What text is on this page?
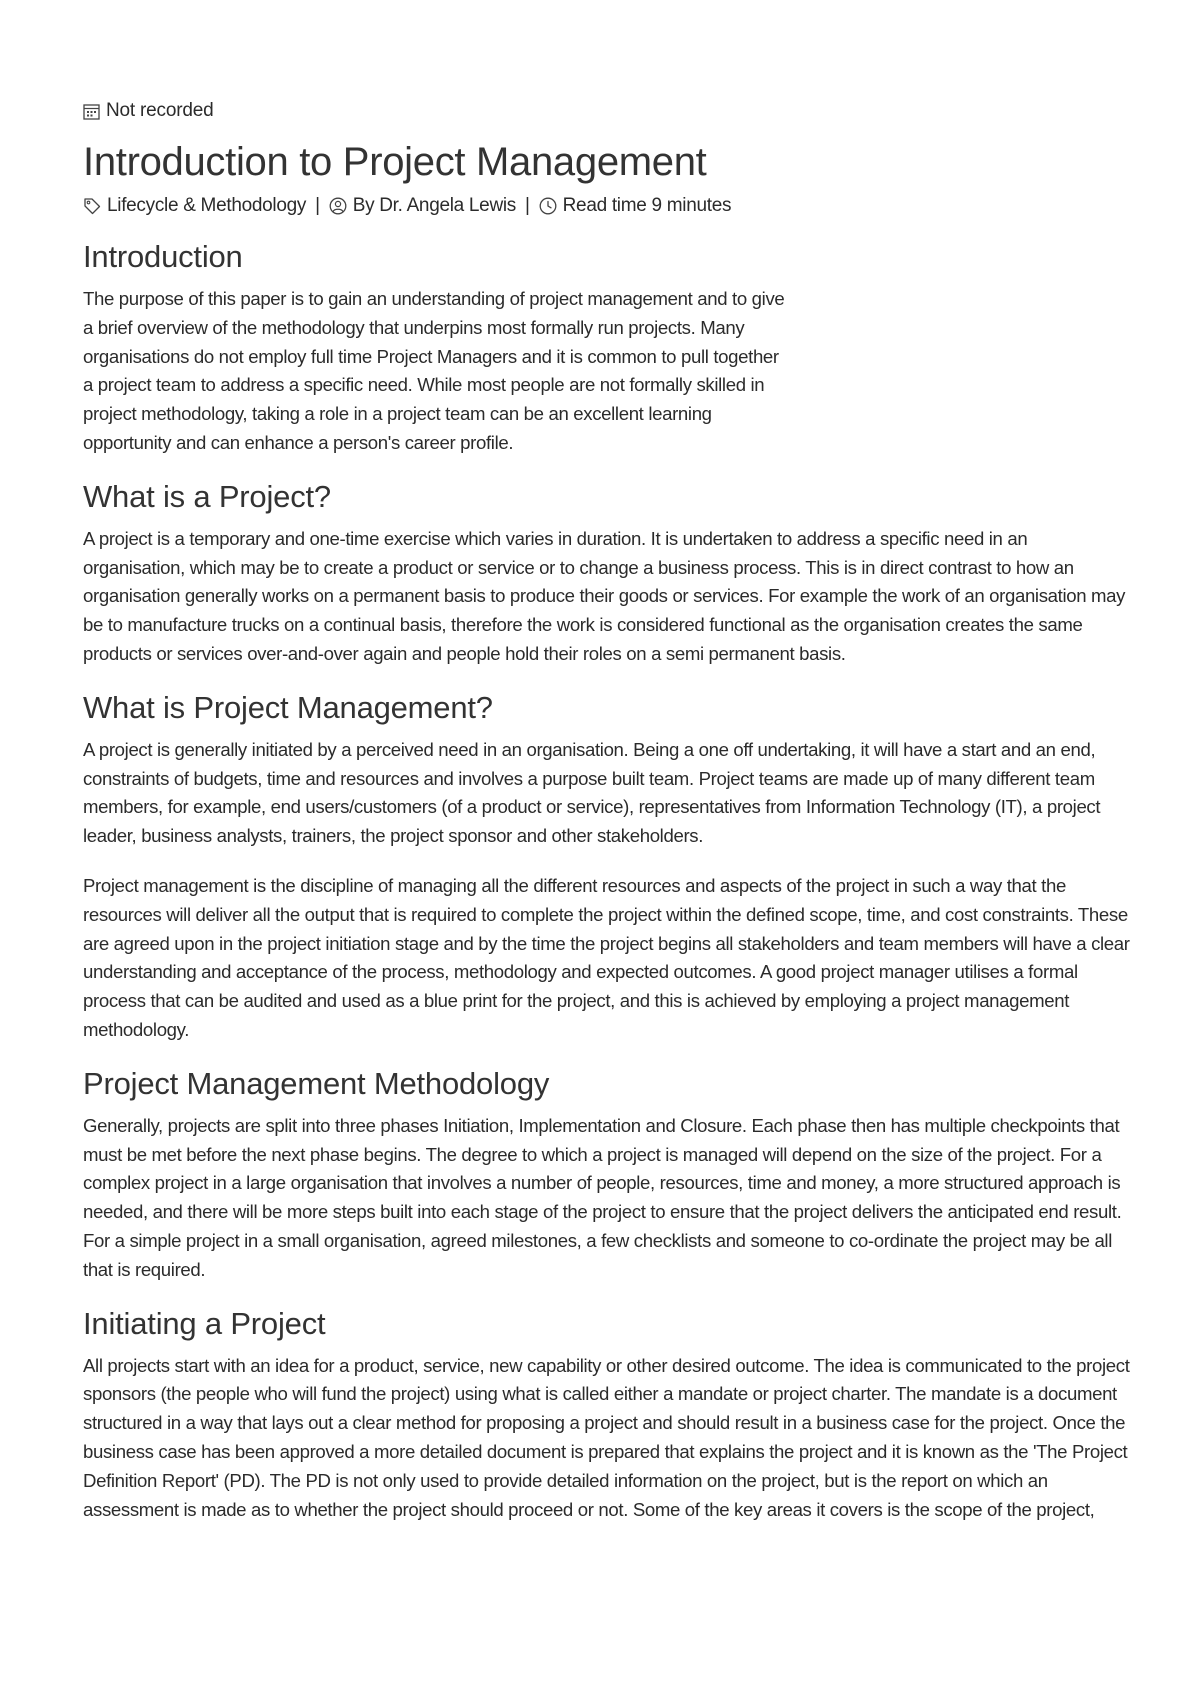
Not recorded
Introduction to Project Management
Lifecycle & Methodology | By Dr. Angela Lewis | Read time 9 minutes
Introduction

The purpose of this paper is to gain an understanding of project management and to give a brief overview of the methodology that underpins most formally run projects. Many organisations do not employ full time Project Managers and it is common to pull together a project team to address a specific need. While most people are not formally skilled in project methodology, taking a role in a project team can be an excellent learning opportunity and can enhance a person's career profile.

What is a Project?

A project is a temporary and one-time exercise which varies in duration. It is undertaken to address a specific need in an organisation, which may be to create a product or service or to change a business process. This is in direct contrast to how an organisation generally works on a permanent basis to produce their goods or services. For example the work of an organisation may be to manufacture trucks on a continual basis, therefore the work is considered functional as the organisation creates the same products or services over-and-over again and people hold their roles on a semi permanent basis.

What is Project Management?

A project is generally initiated by a perceived need in an organisation. Being a one off undertaking, it will have a start and an end, constraints of budgets, time and resources and involves a purpose built team. Project teams are made up of many different team members, for example, end users/customers (of a product or service), representatives from Information Technology (IT), a project leader, business analysts, trainers, the project sponsor and other stakeholders.

Project management is the discipline of managing all the different resources and aspects of the project in such a way that the resources will deliver all the output that is required to complete the project within the defined scope, time, and cost constraints. These are agreed upon in the project initiation stage and by the time the project begins all stakeholders and team members will have a clear understanding and acceptance of the process, methodology and expected outcomes. A good project manager utilises a formal process that can be audited and used as a blue print for the project, and this is achieved by employing a project management methodology.

Project Management Methodology

Generally, projects are split into three phases Initiation, Implementation and Closure. Each phase then has multiple checkpoints that must be met before the next phase begins. The degree to which a project is managed will depend on the size of the project. For a complex project in a large organisation that involves a number of people, resources, time and money, a more structured approach is needed, and there will be more steps built into each stage of the project to ensure that the project delivers the anticipated end result. For a simple project in a small organisation, agreed milestones, a few checklists and someone to co-ordinate the project may be all that is required.

Initiating a Project

All projects start with an idea for a product, service, new capability or other desired outcome. The idea is communicated to the project sponsors (the people who will fund the project) using what is called either a mandate or project charter. The mandate is a document structured in a way that lays out a clear method for proposing a project and should result in a business case for the project. Once the business case has been approved a more detailed document is prepared that explains the project and it is known as the 'The Project Definition Report' (PD). The PD is not only used to provide detailed information on the project, but is the report on which an assessment is made as to whether the project should proceed or not. Some of the key areas it covers is the scope of the project,
